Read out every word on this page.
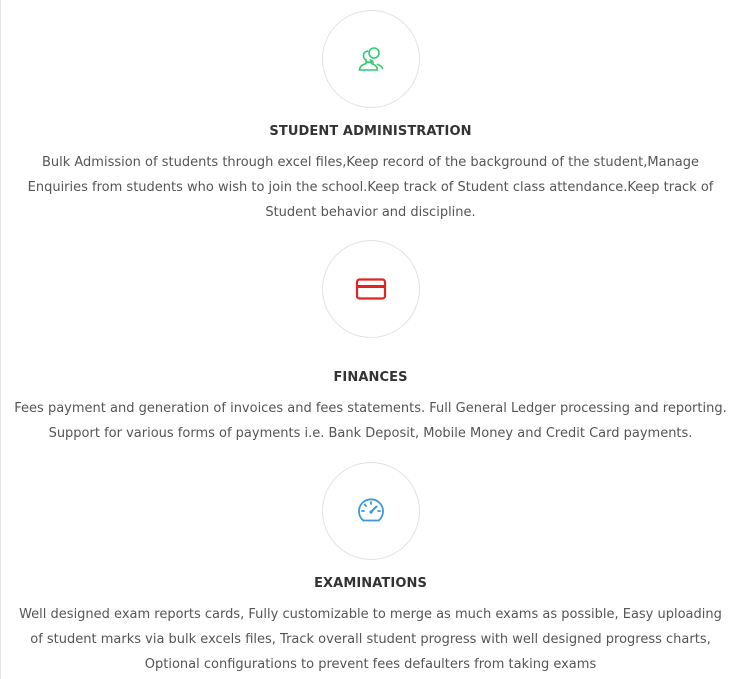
STUDENT ADMINISTRATION

Bulk Admission of students through excel files,Keep record of the background of the student,Manage Enquiries from students who wish to join the school.Keep track of Student class attendance.Keep track of Student behavior and discipline.

FINANCES

Fees payment and generation of invoices and fees statements. Full General Ledger processing and reporting. Support for various forms of payments i.e. Bank Deposit, Mobile Money and Credit Card payments.

EXAMINATIONS

Well designed exam reports cards, Fully customizable to merge as much exams as possible, Easy uploading of student marks via bulk excels files, Track overall student progress with well designed progress charts, Optional configurations to prevent fees defaulters from taking exams
